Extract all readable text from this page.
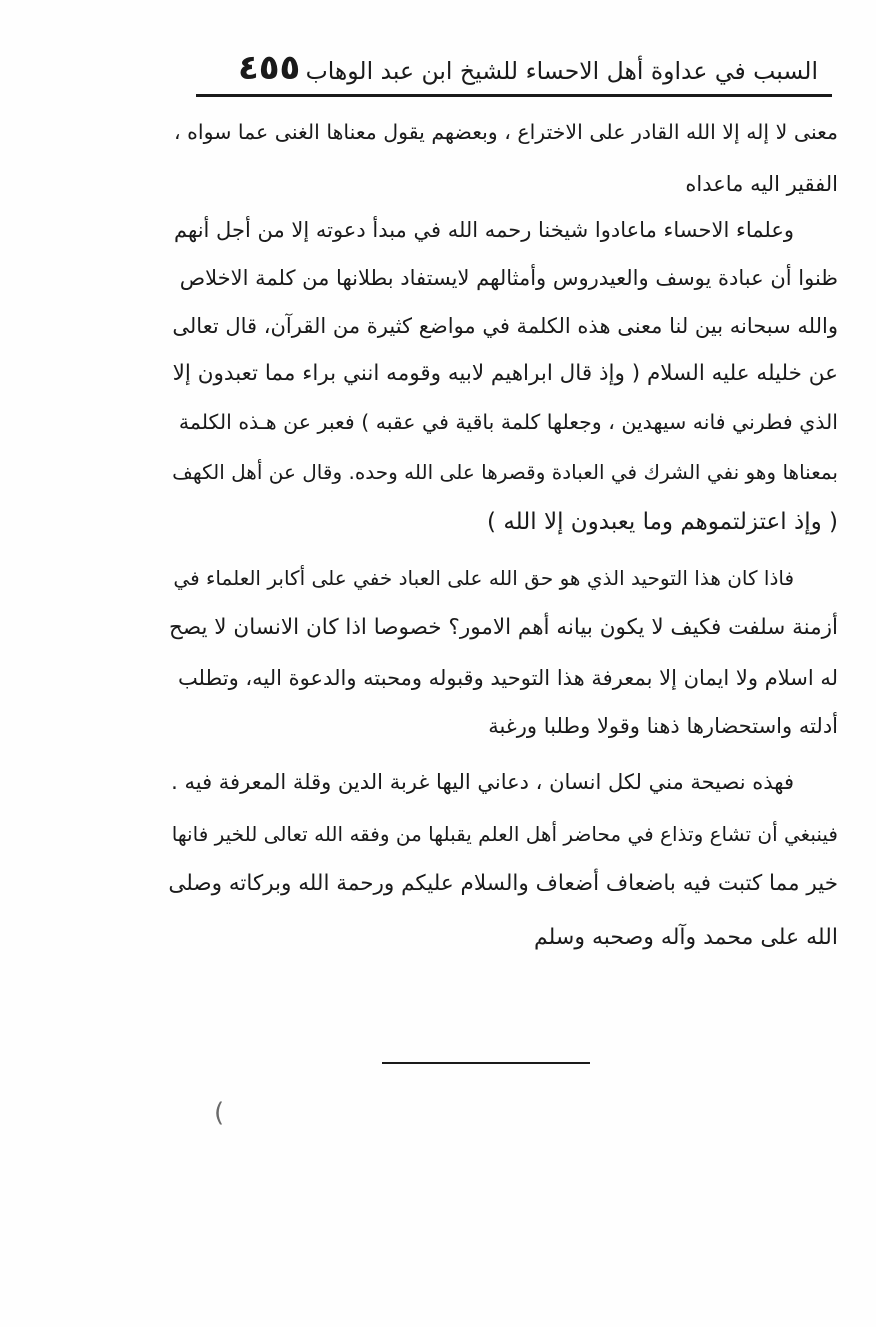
السبب في عداوة أهل الاحساء للشيخ ابن عبد الوهاب
٤٥٥
معنى لا إله إلا الله القادر على الاختراع ، وبعضهم يقول معناها الغنى عما سواه ،
الفقير اليه ماعداه
وعلماء الاحساء ماعادوا شيخنا رحمه الله في مبدأ دعوته إلا من أجل أنهم
ظنوا أن عبادة يوسف والعيدروس وأمثالهم لايستفاد بطلانها من كلمة الاخلاص
والله سبحانه بين لنا معنى هذه الكلمة في مواضع كثيرة من القرآن، قال تعالى
عن خليله عليه السلام ( وإذ قال ابراهيم لابيه وقومه انني براء مما تعبدون إلا
الذي فطرني فانه سيهدين ، وجعلها كلمة باقية في عقبه ) فعبر عن هـذه الكلمة
بمعناها وهو نفي الشرك في العبادة وقصرها على الله وحده. وقال عن أهل الكهف
( وإذ اعتزلتموهم وما يعبدون إلا الله )
فاذا كان هذا التوحيد الذي هو حق الله على العباد خفي على أكابر العلماء في
أزمنة سلفت فكيف لا يكون بيانه أهم الامور؟ خصوصا اذا كان الانسان لا يصح
له اسلام ولا ايمان إلا بمعرفة هذا التوحيد وقبوله ومحبته والدعوة اليه، وتطلب
أدلته واستحضارها ذهنا وقولا وطلبا ورغبة
فهذه نصيحة مني لكل انسان ، دعاني اليها غربة الدين وقلة المعرفة فيه .
فينبغي أن تشاع وتذاع في محاضر أهل العلم يقبلها من وفقه الله تعالى للخير فانها
خير مما كتبت فيه باضعاف أضعاف والسلام عليكم ورحمة الله وبركاته وصلى
الله على محمد وآله وصحبه وسلم
(
